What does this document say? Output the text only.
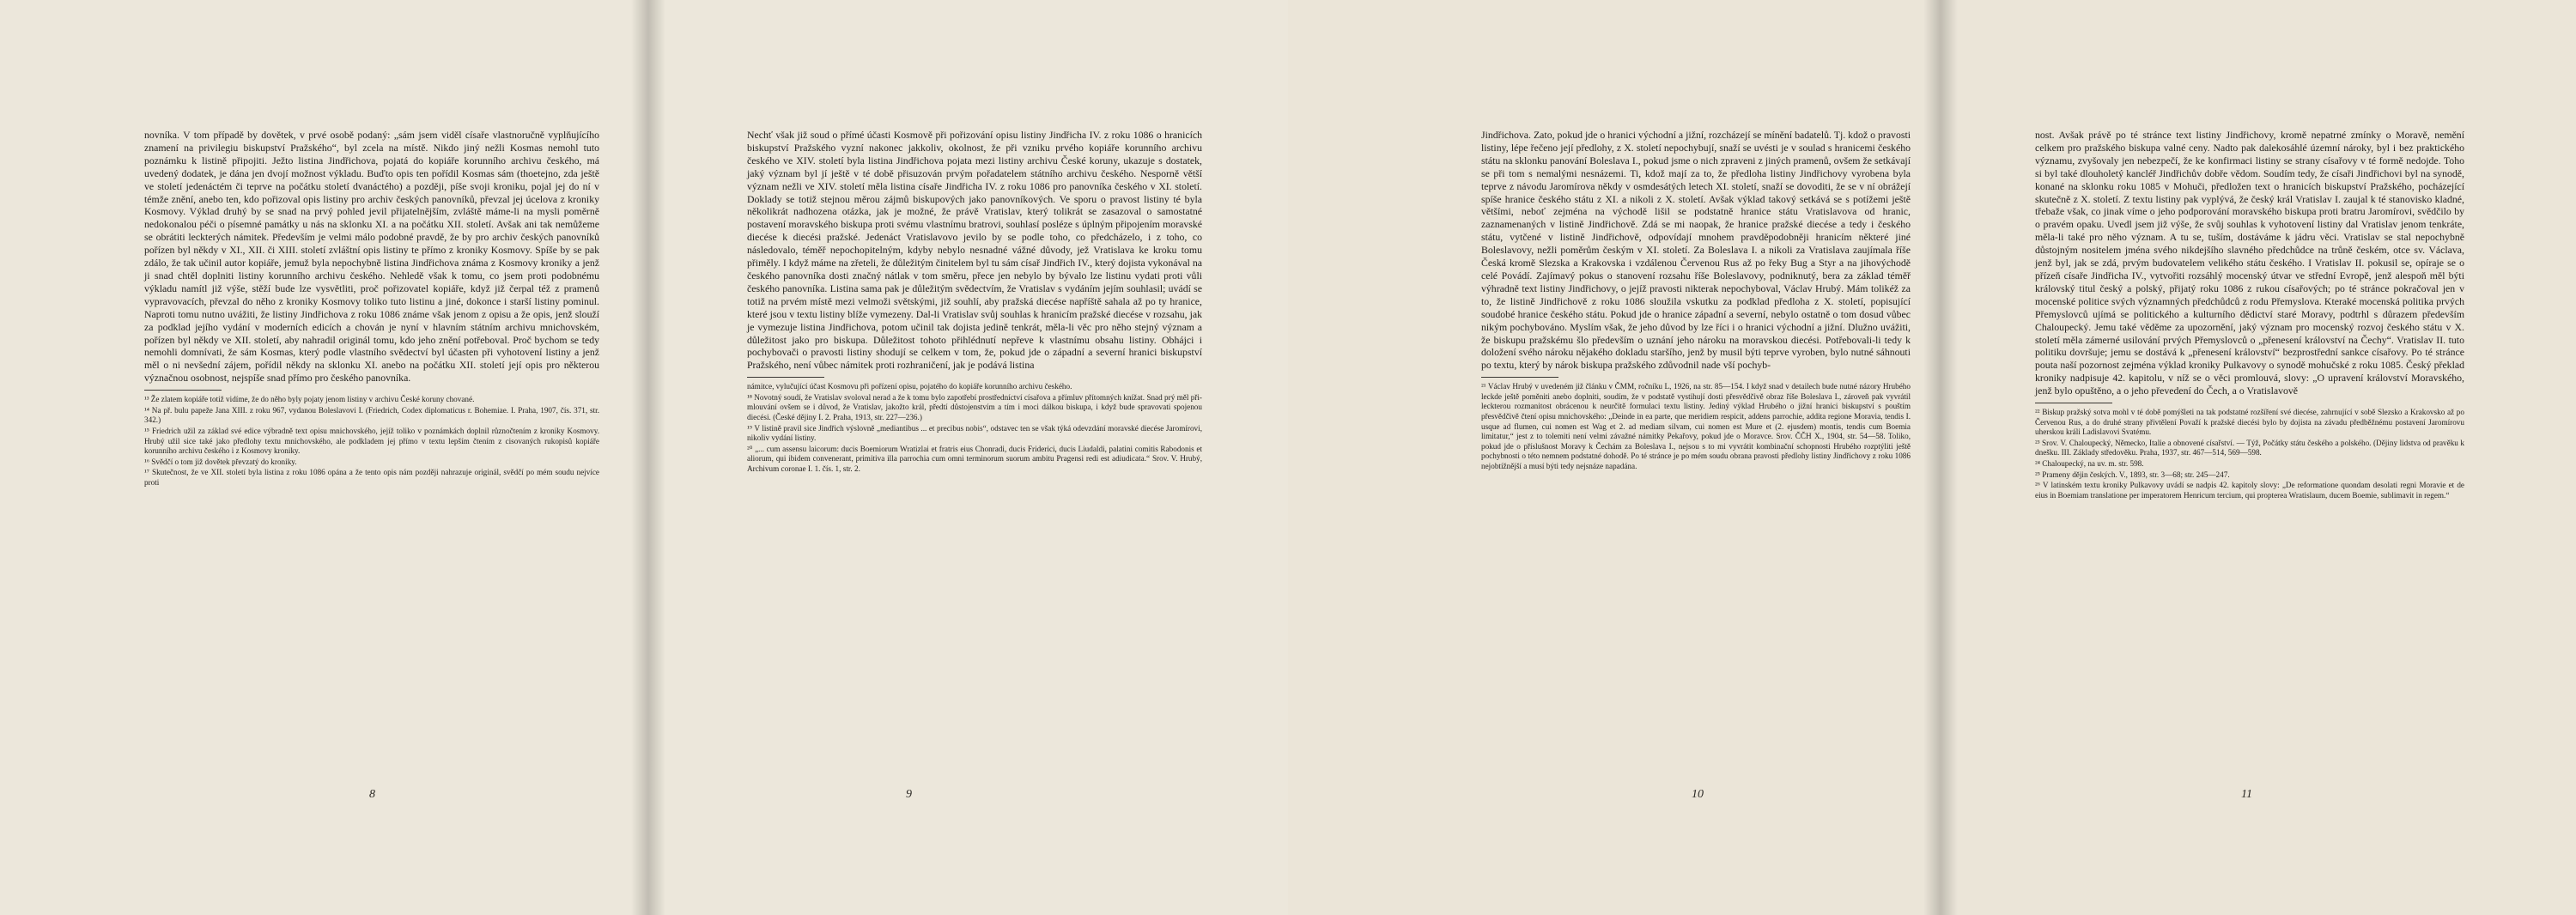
novníka. V tom případě by dovětek, v prvé osobě podaný: „sám jsem viděl císaře vlastnoručně vyplňujícího znamení na privilegiu biskupství Pražského“, byl zcela na místě. Nikdo jiný nežli Kosmas nemohl tuto poznámku k listině připojiti. Ježto listina Jindřichova, pojatá do kopiáře korunního archivu českého, má uvedený dodatek, je dána jen dvojí možnost výkladu. Buďto opis ten pořídil Kosmas sám (thoetejno, zda ještě ve století jedenáctém či teprve na počátku století dvanáctého) a později, píše svoji kroniku, pojal jej do ní v témže znění, anebo ten, kdo pořizoval opis listiny pro archiv českých panovníků, převzal jej úcelova z kroniky Kosmovy. Výklad druhý by se snad na prvý pohled jevil přijatelnějším, zvláště máme-li na mysli poměrně nedokonalou péči o písemné památky u nás na sklonku XI. a na počátku XII. století. Avšak ani tak nemůžeme se obrátiti leckterých námitek. Především je velmi málo podobné pravdě, že by pro archiv českých panovníků pořízen byl někdy v XI., XII. či XIII. století zvláštní opis listiny te přímo z kroniky Kosmovy. Spíše by se pak zdálo, že tak učinil autor kopiáře, jemuž byla nepochybně listina Jindřichova známa z Kosmovy kroniky a jenž ji snad chtěl doplniti listiny korunního archivu českého. Nehledě však k tomu, co jsem proti podobnému výkladu namítl již výše, stěží bude lze vysvětliti, proč pořizovatel kopiáře, když již čerpal též z pramenů vypravovacích, převzal do něho z kroniky Kosmovy toliko tuto listinu a jiné, dokonce i starší listiny pominul. Naproti tomu nutno uvážiti, že listiny Jindřichova z roku 1086 známe však jenom z opisu a že opis, jenž slouží za podklad jejího vydání v moderních edicích a chován je nyní v hlavním státním archivu mnichovském, pořízen byl někdy ve XII. století, aby nahradil originál tomu, kdo jeho znění potřeboval. Proč bychom se tedy nemohli domnívati, že sám Kosmas, který podle vlastního svědectví byl účasten při vyhotovení listiny a jenž měl o ni nevšední zájem, pořídil někdy na sklonku XI. anebo na počátku XII. století její opis pro některou význačnou osobnost, nejspíše snad přímo pro českého panovníka.

¹³ Že zlatem kopiáře totiž vidíme, že do něho byly pojaty jenom listiny v archivu České koruny chované.

¹⁴ Na př. bulu papeže Jana XIII. z roku 967, vydanou Boleslavovi I. (Friedrich, Codex diplomaticus r. Bohemiae. I. Praha, 1907, čís. 371, str. 342.)

¹⁵ Friedrich užil za základ své edice výbradně text opisu mnichovského, jejíž toliko v poznámkách doplnil různočtením z kroniky Kosmovy. Hrubý užil sice také jako předlohy textu mnichovského, ale podkladem jej přímo v textu lepším čtením z cisovaných rukopisů kopiáře korunního archivu českého i z Kosmovy kroniky.

¹⁶ Svědčí o tom již dovětek převzatý do kroniky.

¹⁷ Skutečnost, že ve XII. století byla listina z roku 1086 opána a že tento opis nám později nahrazuje originál, svědčí po mém soudu nejvíce proti

8

Nechť však již soud o přímé účasti Kosmově při pořizování opisu listiny Jindřicha IV. z roku 1086 o hranicích biskupství Pražského vyzní nakonec jakkoliv, okolnost, že při vzniku prvého kopiáře korunního archivu českého ve XIV. století byla listina Jindřichova pojata mezi listiny archivu České koruny, ukazuje s dostatek, jaký význam byl jí ještě v té době přisuzován prvým pořadatelem státního archivu českého. Nesporně větší význam nežli ve XIV. století měla listina císaře Jindřicha IV. z roku 1086 pro panovníka českého v XI. století. Doklady se totiž stejnou měrou zájmů biskupových jako panovníkových. Ve sporu o pravost listiny té byla několikrát nadhozena otázka, jak je možné, že právě Vratislav, který tolikrát se zasazoval o samostatné postavení moravského biskupa proti svému vlastnímu bratrovi, souhlasí posléze s úplným připojením moravské diecése k diecési pražské. Jedenáct Vratislavovo jevilo by se podle toho, co předcházelo, i z toho, co následovalo, téměř nepochopitelným, kdyby nebylo nesnadné vážné důvody, jež Vratislava ke kroku tomu přiměly. I když máme na zřeteli, že důležitým činitelem byl tu sám císař Jindřich IV., který dojista vykonával na českého panovníka dosti značný nátlak v tom směru, přece jen nebylo by bývalo lze listinu vydati proti vůli českého panovníka. Listina sama pak je důležitým svědectvím, že Vratislav s vydáním jejím souhlasil; uvádí se totiž na prvém místě mezi velmoži světskými, již souhlí, aby pražská diecése napříště sahala až po ty hranice, které jsou v textu listiny blíže vymezeny. Dal-li Vratislav svůj souhlas k hranicím pražské diecése v rozsahu, jak je vymezuje listina Jindřichova, potom učinil tak dojista jedině tenkrát, měla-li věc pro něho stejný význam a důležitost jako pro biskupa. Důležitost tohoto přihlédnutí nepřeve k vlastnímu obsahu listiny. Obhájci i pochybovači o pravosti listiny shodují se celkem v tom, že, pokud jde o západní a severní hranici biskupství Pražského, není vůbec námitek proti rozhraničení, jak je podává listina

námitce, vylučující účast Kosmovu při pořízení opisu, pojatého do kopiáře korunního archivu českého.

¹⁸ Novotný soudí, že Vratislav svoloval nerad a že k tomu bylo zapotřebí prostředníctví císařova a přímluv přítomných knížat. Snad prý měl při-mlouvání ovšem se i důvod, že Vratislav, jakožto král, předtí důstojenstvím a tím i moci dálkou biskupa, i když bude spravovati spojenou diecési. (České dějiny I. 2. Praha, 1913, str. 227—236.)

¹⁹ V listině pravil sice Jindřich výslovně „mediantibus ... et precibus nobis“, odstavec ten se však týká odevzdání moravské diecése Jaromírovi, nikoliv vydání listiny.

²⁰ „... cum assensu laicorum: ducis Boemiorum Wratizlai et fratris eius Chonradi, ducis Friderici, ducis Liudaldi, palatini comitis Rabodonis et aliorum, qui ibidem convenerant, primitiva illa parrochia cum omni terminorum suorum ambitu Pragensi redi est adiudicata.“ Srov. V. Hrubý, Archivum coronae I. 1. čís. 1, str. 2.

9

Jindřichova. Zato, pokud jde o hranici východní a jižní, rozcházejí se mínění badatelů. Tj. kdož o pravosti listiny, lépe řečeno její předlohy, z X. století nepochybují, snaží se uvésti je v soulad s hranicemi českého státu na sklonku panování Boleslava I., pokud jsme o nich zpraveni z jiných pramenů, ovšem že setkávají se při tom s nemalými nesnázemi. Ti, kdož mají za to, že předloha listiny Jindřichovy vyrobena byla teprve z návodu Jaromírova někdy v osmdesátých letech XI. století, snaží se dovoditi, že se v ní obrážejí spíše hranice českého státu z XI. a nikoli z X. století. Avšak výklad takový setkává se s potížemi ještě většími, neboť zejména na východě lišil se podstatně hranice státu Vratislavova od hranic, zaznamenaných v listině Jindřichově. Zdá se mi naopak, že hranice pražské diecése a tedy i českého státu, vytčené v listině Jindřichově, odpovídají mnohem pravděpodobněji hranicím některé jiné Boleslavovy, nežli poměrům českým v XI. století. Za Boleslava I. a nikoli za Vratislava zaujímala říše Česká kromě Slezska a Krakovska i vzdálenou Červenou Rus až po řeky Bug a Styr a na jihovýchodě celé Povádí. Zajímavý pokus o stanovení rozsahu říše Boleslavovy, podniknutý, bera za základ téměř výhradně text listiny Jindřichovy, o jejíž pravosti nikterak nepochyboval, Václav Hrubý. Mám tolikéž za to, že listině Jindřichově z roku 1086 sloužila vskutku za podklad předloha z X. století, popisující soudobé hranice českého státu. Pokud jde o hranice západní a severní, nebylo ostatně o tom dosud vůbec nikým pochybováno. Myslím však, že jeho důvod by lze říci i o hranici východní a jižní. Dlužno uvážiti, že biskupu pražskému šlo především o uznání jeho nároku na moravskou diecési. Potřebovali-li tedy k doložení svého nároku nějakého dokladu staršího, jenž by musil býti teprve vyroben, bylo nutné sáhnouti po textu, který by nárok biskupa pražského zdůvodnil nade vší pochyb-

²¹ Václav Hrubý v uvedeném již článku v ČMM, ročníku L, 1926, na str. 85—154. I když snad v detailech bude nutné názory Hrubého leckde ještě poměniti anebo doplniti, soudím, že v podstatě vystihují dosti přesvědčivě obraz říše Boleslava I., zároveň pak vyvrátil leckterou rozmanitost obrácenou k neurčitě formulaci textu listiny. Jediný výklad Hrubého o jižní hranici biskupství s pouštím přesvědčivě čtení opisu mnichovského: „Deinde in ea parte, que meridiem respicit, addens parrochie, addita regione Moravia, tendis I. usque ad flumen, cui nomen est Wag et 2. ad mediam silvam, cui nomen est Mure et (2. ejusdem) montis, tendis cum Boemia limitatur,“ jest z to tolemiti není velmi závažné námitky Pekařovy, pokud jde o Moravce. Srov. ČČH X., 1904, str. 54—58. Toliko, pokud jde o příslušnost Moravy k Čechám za Boleslava I., nejsou s to mi vyvrátit kombinační schopnosti Hrubého rozptýliti ještě pochybnosti o této nemnem podstatné dohodě. Po té stránce je po mém soudu obrana pravosti předlohy listiny Jindřichovy z roku 1086 nejobtížnější a musí býti tedy nejsnáze napadána.

10

nost. Avšak právě po té stránce text listiny Jindřichovy, kromě nepatrné zmínky o Moravě, nemění celkem pro pražského biskupa valné ceny. Nadto pak dalekosáhlé územní nároky, byl i bez praktického významu, zvyšovaly jen nebezpečí, že ke konfirmaci listiny se strany císařovy v té formě nedojde. Toho si byl také dlouholetý kancléř Jindřichův dobře vědom. Soudím tedy, že císaři Jindřichovi byl na synodě, konané na sklonku roku 1085 v Mohuči, předložen text o hranicích biskupství Pražského, pocházející skutečně z X. století. Z textu listiny pak vyplývá, že český král Vratislav I. zaujal k té stanovisko kladné, třebaže však, co jinak víme o jeho podporování moravského biskupa proti bratru Jaromírovi, svědčilo by o pravém opaku. Uvedl jsem již výše, že svůj souhlas k vyhotovení listiny dal Vratislav jenom tenkráte, měla-li také pro něho význam. A tu se, tuším, dostáváme k jádru věci. Vratislav se stal nepochybně důstojným nositelem jména svého nikdejšího slavného předchůdce na trůně českém, otce sv. Václava, jenž byl, jak se zdá, prvým budovatelem velikého státu českého. I Vratislav II. pokusil se, opíraje se o přízeň císaře Jindřicha IV., vytvořiti rozsáhlý mocenský útvar ve střední Evropě, jenž alespoň měl býti královský titul český a polský, přijatý roku 1086 z rukou císařových; po té stránce pokračoval jen v mocenské politice svých významných předchůdců z rodu Přemyslova. Kteraké mocenská politika prvých Přemyslovců ujímá se politického a kulturního dědictví staré Moravy, podtrhl s důrazem především Chaloupecký. Jemu také věděme za upozornění, jaký význam pro mocenský rozvoj českého státu v X. století měla zámerné usilování prvých Přemyslovců o „přenesení království na Čechy“. Vratislav II. tuto politiku dovršuje; jemu se dostává k „přenesení království“ bezprostřední sankce císařovy. Po té stránce pouta naší pozornost zejména výklad kroniky Pulkavovy o synodě mohučské z roku 1085. Český překlad kroniky nadpisuje 42. kapitolu, v níž se o věci promlouvá, slovy: „O upravení království Moravského, jenž bylo opuštěno, a o jeho převedení do Čech, a o Vratislavově

²² Biskup pražský sotva mohl v té době pomýšleti na tak podstatné rozšíření své diecése, zahrnující v sobě Slezsko a Krakovsko až po Červenou Rus, a do druhé strany přivtělení Považí k pražské diecési bylo by dojista na závadu předběžnému postavení Jaromírovu uherskou králi Ladislavovi Svatému.

²³ Srov. V. Chaloupecký, Německo, Italie a obnovené císařství. — Týž, Počátky státu českého a polského. (Dějiny lidstva od pravěku k dnešku. III. Základy středověku. Praha, 1937, str. 467—514, 569—598.

²⁴ Chaloupecký, na uv. m. str. 598.

²⁵ Prameny dějin českých. V., 1893, str. 3—68; str. 245—247.

²⁶ V latinském textu kroniky Pulkavovy uvádí se nadpis 42. kapitoly slovy: „De reformatione quondam desolati regni Moravie et de eius in Boemiam translatione per imperatorem Henricum tercium, qui propterea Wratislaum, ducem Boemie, sublimavit in regem.“

11
